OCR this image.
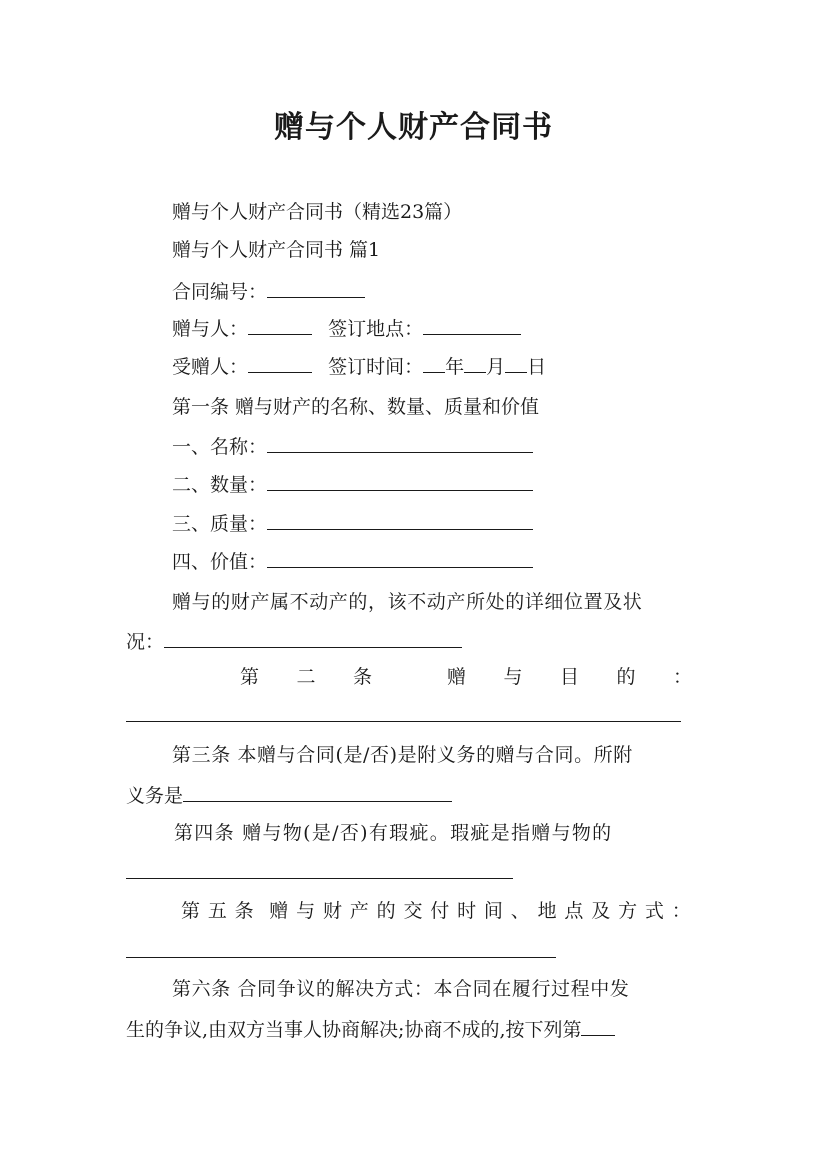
赠与个人财产合同书
赠与个人财产合同书（精选23篇）
赠与个人财产合同书 篇1
合同编号：
赠与人：	签订地点：
受赠人：	签订时间： 年 月 日
第一条 赠与财产的名称、数量、质量和价值
一、名称：
二、数量：
三、质量：
四、价值：
赠与的财产属不动产的，该不动产所处的详细位置及状
况：
第 二 条	赠 与 目 的 ：
第三条 本赠与合同(是/否)是附义务的赠与合同。所附
义务是
第四条 赠与物(是/否)有瑕疵。瑕疵是指赠与物的
第 五 条 赠 与 财 产 的 交 付 时 间 、 地 点 及 方 式 ：
第六条 合同争议的解决方式：本合同在履行过程中发
生的争议,由双方当事人协商解决;协商不成的,按下列第
